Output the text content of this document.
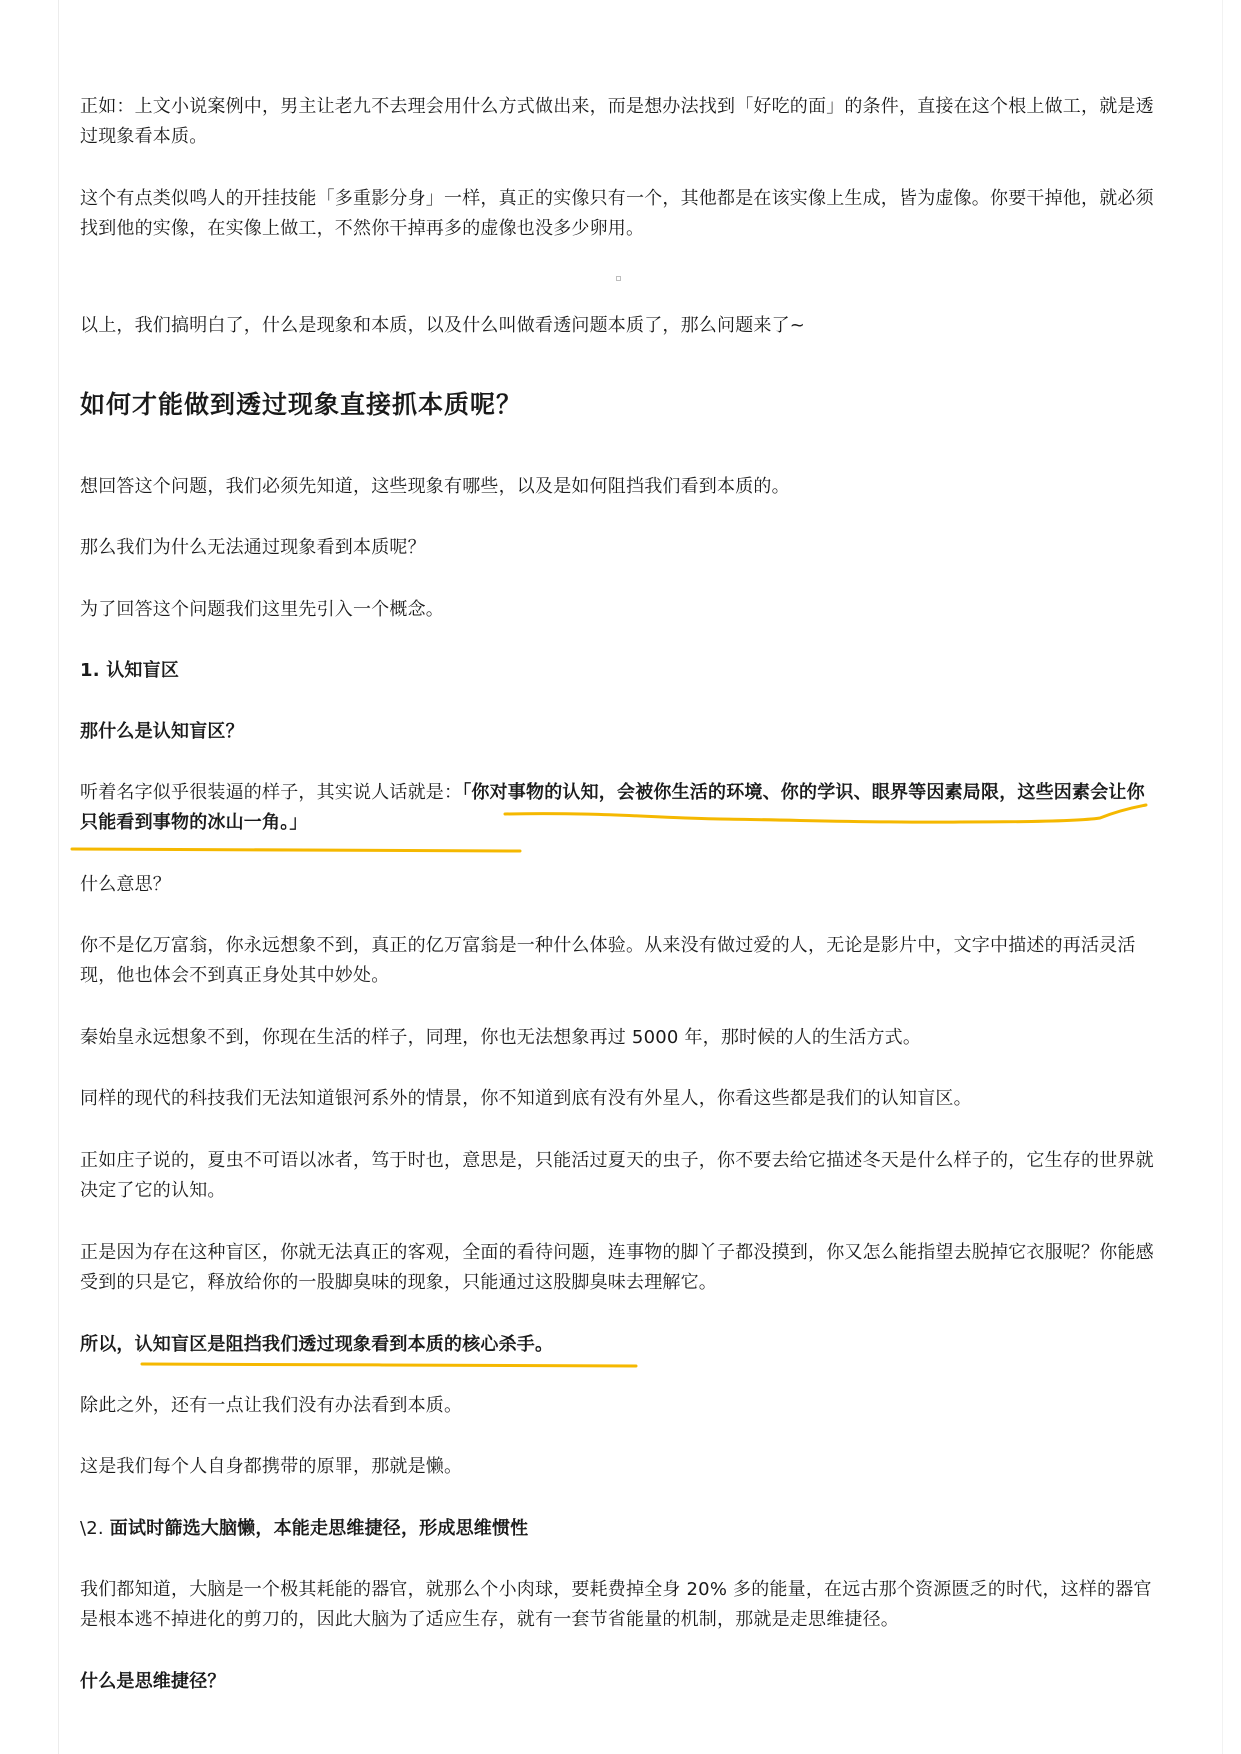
正如：上文小说案例中，男主让老九不去理会用什么方式做出来，而是想办法找到「好吃的面」的条件，直接在这个根上做工，就是透过现象看本质。
这个有点类似鸣人的开挂技能「多重影分身」一样，真正的实像只有一个，其他都是在该实像上生成，皆为虚像。你要干掉他，就必须找到他的实像，在实像上做工，不然你干掉再多的虚像也没多少卵用。
以上，我们搞明白了，什么是现象和本质，以及什么叫做看透问题本质了，那么问题来了~
如何才能做到透过现象直接抓本质呢？
想回答这个问题，我们必须先知道，这些现象有哪些，以及是如何阻挡我们看到本质的。
那么我们为什么无法通过现象看到本质呢？
为了回答这个问题我们这里先引入一个概念。
1. 认知盲区
那什么是认知盲区？
听着名字似乎很装逼的样子，其实说人话就是：「你对事物的认知，会被你生活的环境、你的学识、眼界等因素局限，这些因素会让你只能看到事物的冰山一角。」
什么意思？
你不是亿万富翁，你永远想象不到，真正的亿万富翁是一种什么体验。从来没有做过爱的人，无论是影片中，文字中描述的再活灵活现，他也体会不到真正身处其中妙处。
秦始皇永远想象不到，你现在生活的样子，同理，你也无法想象再过 5000 年，那时候的人的生活方式。
同样的现代的科技我们无法知道银河系外的情景，你不知道到底有没有外星人，你看这些都是我们的认知盲区。
正如庄子说的，夏虫不可语以冰者，笃于时也，意思是，只能活过夏天的虫子，你不要去给它描述冬天是什么样子的，它生存的世界就决定了它的认知。
正是因为存在这种盲区，你就无法真正的客观，全面的看待问题，连事物的脚丫子都没摸到，你又怎么能指望去脱掉它衣服呢？你能感受到的只是它，释放给你的一股脚臭味的现象，只能通过这股脚臭味去理解它。
所以，认知盲区是阻挡我们透过现象看到本质的核心杀手。
除此之外，还有一点让我们没有办法看到本质。
这是我们每个人自身都携带的原罪，那就是懒。
\2. 面试时篩选大脑懒，本能走思维捷径，形成思维惯性
我们都知道，大脑是一个极其耗能的器官，就那么个小肉球，要耗费掉全身 20% 多的能量，在远古那个资源匮乏的时代，这样的器官是根本逃不掉进化的剪刀的，因此大脑为了适应生存，就有一套节省能量的机制，那就是走思维捷径。
什么是思维捷径？
